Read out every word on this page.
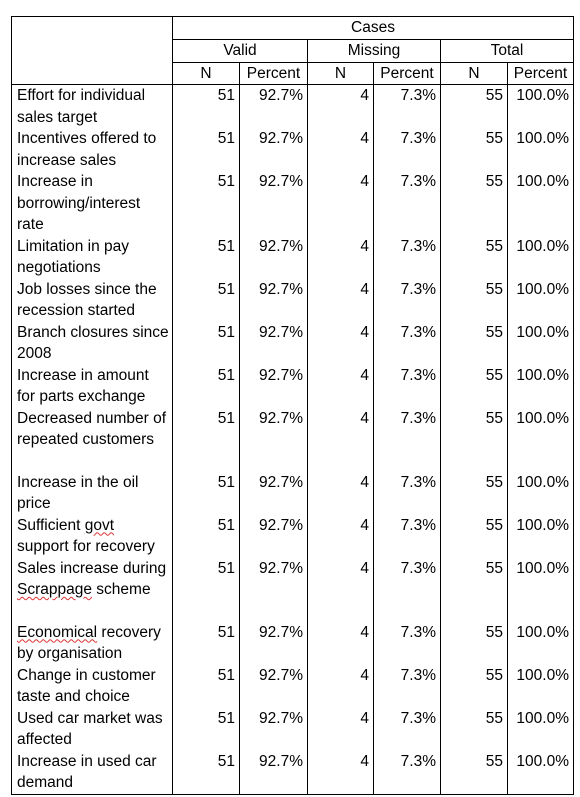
	Cases					
	Valid		Missing		Total	
	N	Percent	N	Percent	N	Percent
Effort for individual sales target	51	92.7%	4	7.3%	55	100.0%
Incentives offered to increase sales	51	92.7%	4	7.3%	55	100.0%
Increase in borrowing/interest rate	51	92.7%	4	7.3%	55	100.0%
Limitation in pay negotiations	51	92.7%	4	7.3%	55	100.0%
Job losses since the recession started	51	92.7%	4	7.3%	55	100.0%
Branch closures since 2008	51	92.7%	4	7.3%	55	100.0%
Increase in amount for parts exchange	51	92.7%	4	7.3%	55	100.0%
Decreased number of repeated customers	51	92.7%	4	7.3%	55	100.0%
Increase in the oil price	51	92.7%	4	7.3%	55	100.0%
Sufficient govt support for recovery	51	92.7%	4	7.3%	55	100.0%
Sales increase during Scrappage scheme	51	92.7%	4	7.3%	55	100.0%
Economical recovery by organisation	51	92.7%	4	7.3%	55	100.0%
Change in customer taste and choice	51	92.7%	4	7.3%	55	100.0%
Used car market was affected	51	92.7%	4	7.3%	55	100.0%
Increase in used car demand	51	92.7%	4	7.3%	55	100.0%
